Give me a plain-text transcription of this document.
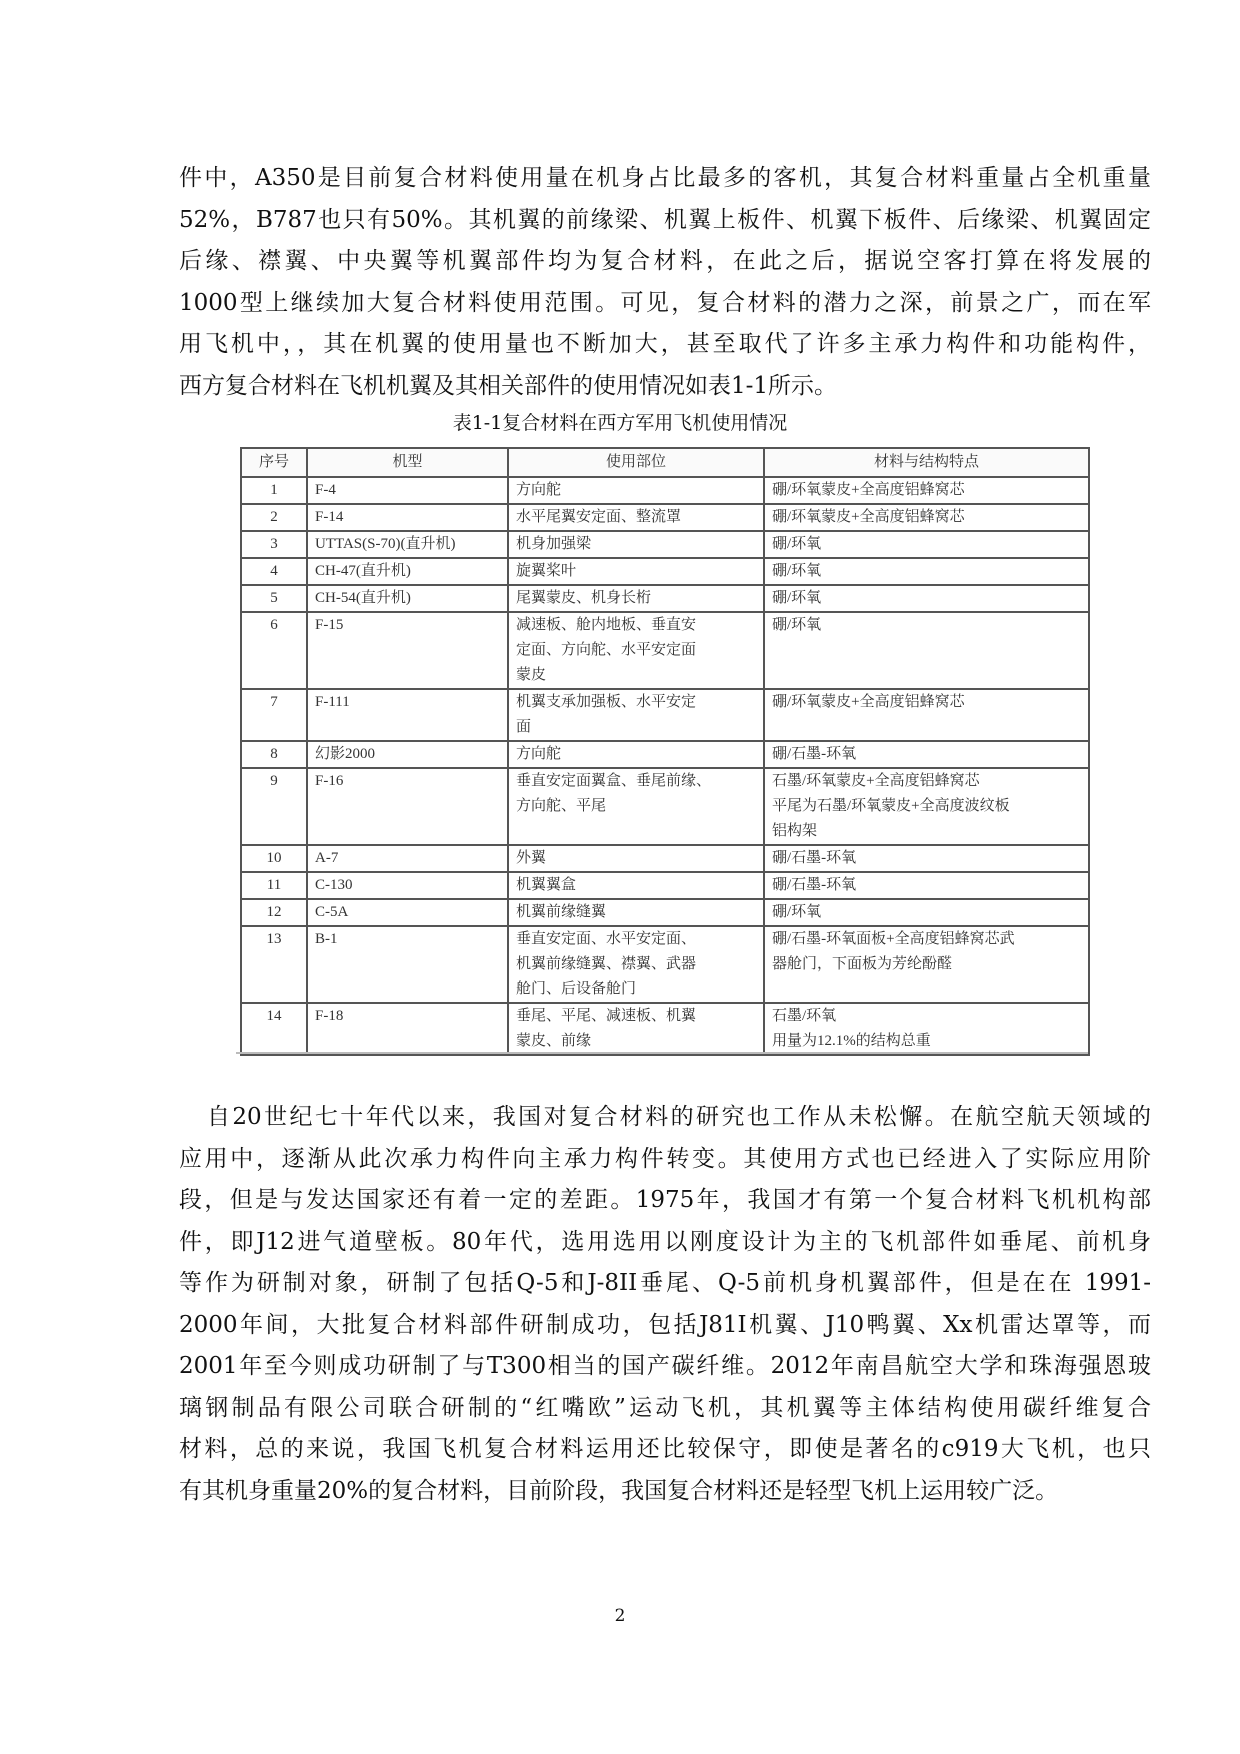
件中，A350是目前复合材料使用量在机身占比最多的客机，其复合材料重量占全机重量
52%，B787也只有50%。其机翼的前缘梁、机翼上板件、机翼下板件、后缘梁、机翼固定
后缘、襟翼、中央翼等机翼部件均为复合材料，在此之后，据说空客打算在将发展的
1000型上继续加大复合材料使用范围。可见，复合材料的潜力之深，前景之广，而在军
用飞机中，，其在机翼的使用量也不断加大，甚至取代了许多主承力构件和功能构件，
西方复合材料在飞机机翼及其相关部件的使用情况如表1-1所示。
表1-1复合材料在西方军用飞机使用情况
序号	机型	使用部位	材料与结构特点
1	F-4	方向舵	硼/环氧蒙皮+全高度铝蜂窝芯

2	F-14	水平尾翼安定面、整流罩	硼/环氧蒙皮+全高度铝蜂窝芯

3	UTTAS(S-70)(直升机)	机身加强梁	硼/环氧

4	CH-47(直升机)	旋翼桨叶	硼/环氧

5	CH-54(直升机)	尾翼蒙皮、机身长桁	硼/环氧

6	F-15	减速板、舱内地板、垂直安
定面、方向舵、水平安定面
蒙皮	硼/环氧

7	F-111	机翼支承加强板、水平安定
面	硼/环氧蒙皮+全高度铝蜂窝芯

8	幻影2000	方向舵	硼/石墨-环氧

9	F-16	垂直安定面翼盒、垂尾前缘、
方向舵、平尾	石墨/环氧蒙皮+全高度铝蜂窝芯
平尾为石墨/环氧蒙皮+全高度波纹板
铝构架

10	A-7	外翼	硼/石墨-环氧

11	C-130	机翼翼盒	硼/石墨-环氧

12	C-5A	机翼前缘缝翼	硼/环氧

13	B-1	垂直安定面、水平安定面、
机翼前缘缝翼、襟翼、武器
舱门、后设备舱门	硼/石墨-环氧面板+全高度铝蜂窝芯武
器舱门，下面板为芳纶酚醛

14	F-18	垂尾、平尾、减速板、机翼
蒙皮、前缘	石墨/环氧
用量为12.1%的结构总重
自20世纪七十年代以来，我国对复合材料的研究也工作从未松懈。在航空航天领域的
应用中，逐渐从此次承力构件向主承力构件转变。其使用方式也已经进入了实际应用阶
段，但是与发达国家还有着一定的差距。1975年，我国才有第一个复合材料飞机机构部
件，即J12进气道壁板。80年代，选用选用以刚度设计为主的飞机部件如垂尾、前机身
等作为研制对象，研制了包括Q-5和J-8II垂尾、Q-5前机身机翼部件，但是在在 1991-
2000年间，大批复合材料部件研制成功，包括J81I机翼、J10鸭翼、Xx机雷达罩等，而
2001年至今则成功研制了与T300相当的国产碳纤维。2012年南昌航空大学和珠海强恩玻
璃钢制品有限公司联合研制的“红嘴欧”运动飞机，其机翼等主体结构使用碳纤维复合
材料，总的来说，我国飞机复合材料运用还比较保守，即使是著名的c919大飞机，也只
有其机身重量20%的复合材料，目前阶段，我国复合材料还是轻型飞机上运用较广泛。
2
